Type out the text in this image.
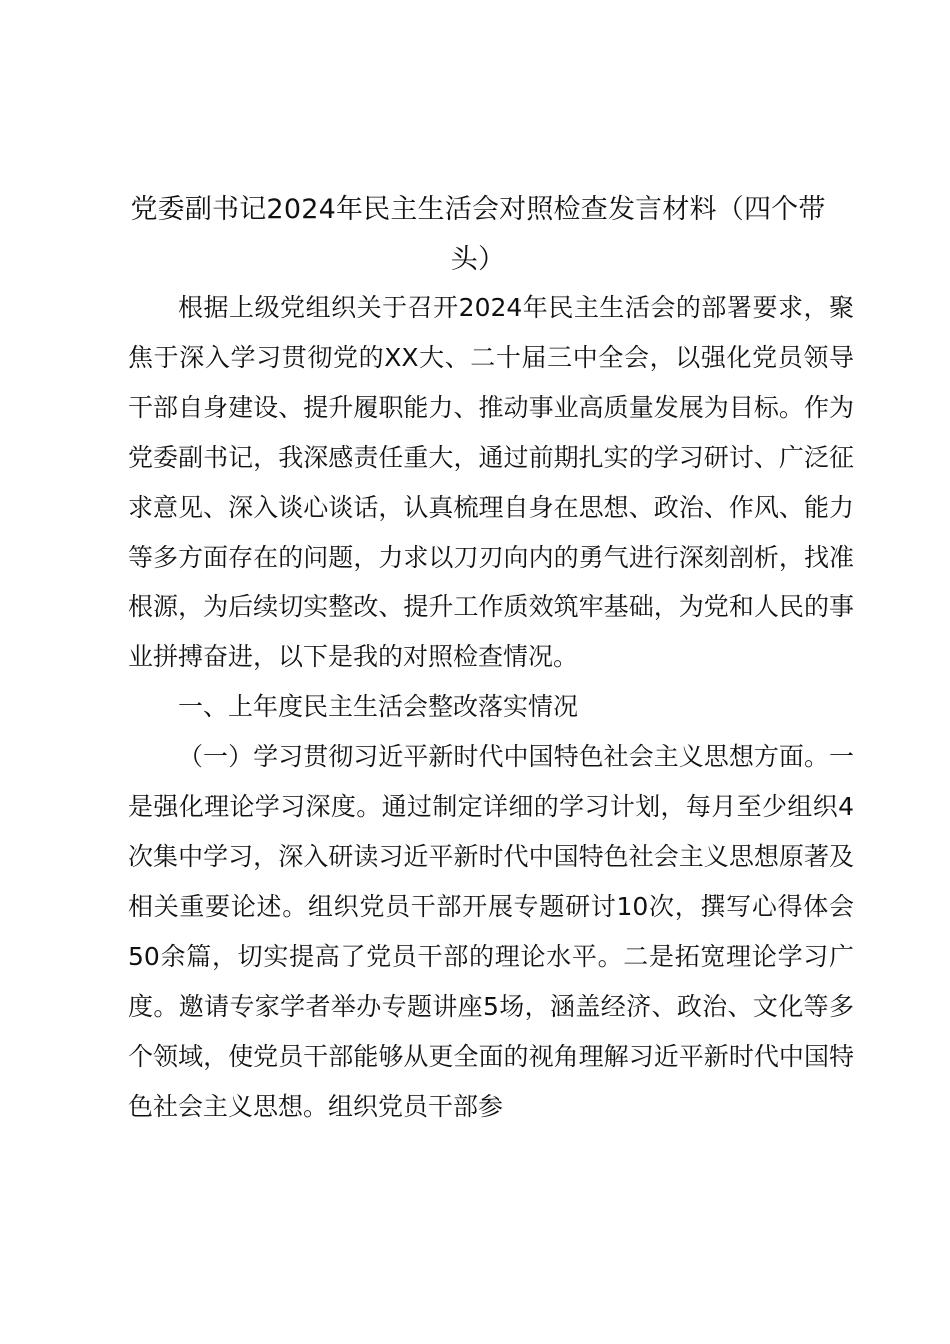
党委副书记2024年民主生活会对照检查发言材料（四个带头）

根据上级党组织关于召开2024年民主生活会的部署要求，聚焦于深入学习贯彻党的XX大、二十届三中全会，以强化党员领导干部自身建设、提升履职能力、推动事业高质量发展为目标。作为党委副书记，我深感责任重大，通过前期扎实的学习研讨、广泛征求意见、深入谈心谈话，认真梳理自身在思想、政治、作风、能力等多方面存在的问题，力求以刀刃向内的勇气进行深刻剖析，找准根源，为后续切实整改、提升工作质效筑牢基础，为党和人民的事业拼搏奋进，以下是我的对照检查情况。

一、上年度民主生活会整改落实情况

（一）学习贯彻习近平新时代中国特色社会主义思想方面。一是强化理论学习深度。通过制定详细的学习计划，每月至少组织4次集中学习，深入研读习近平新时代中国特色社会主义思想原著及相关重要论述。组织党员干部开展专题研讨10次，撰写心得体会50余篇，切实提高了党员干部的理论水平。二是拓宽理论学习广度。邀请专家学者举办专题讲座5场，涵盖经济、政治、文化等多个领域，使党员干部能够从更全面的视角理解习近平新时代中国特色社会主义思想。组织党员干部参
